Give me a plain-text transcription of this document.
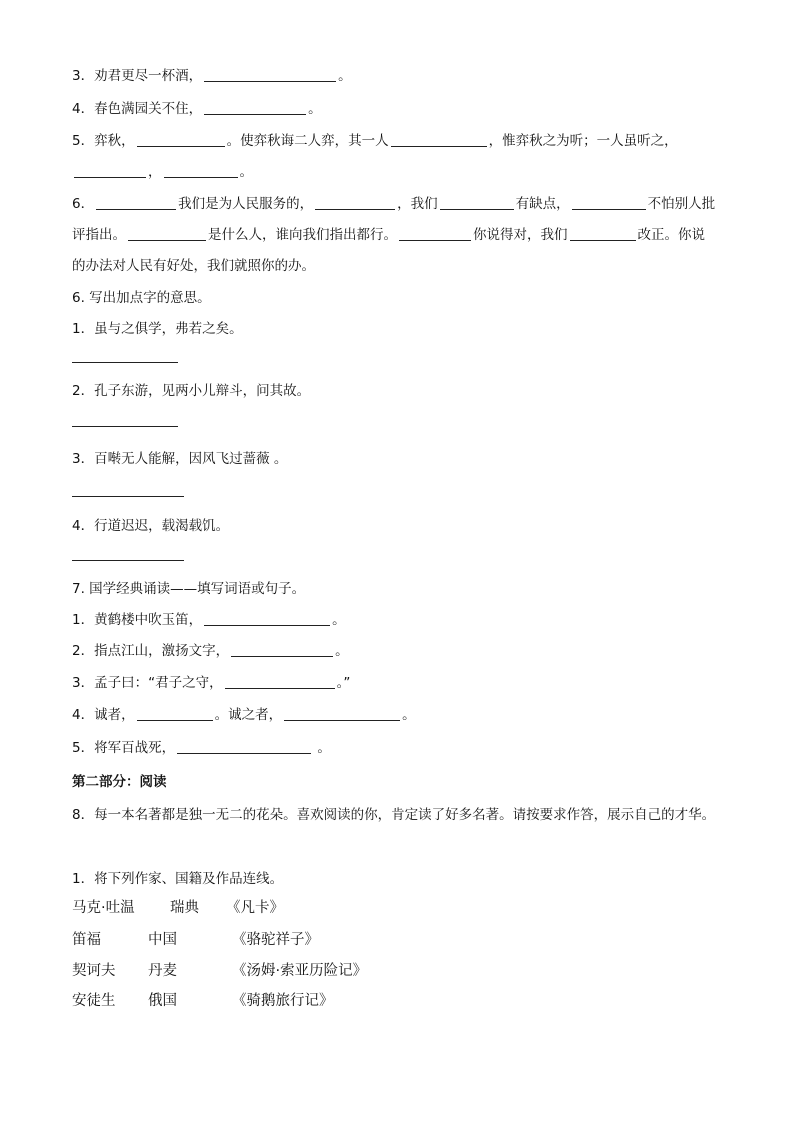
3．劝君更尽一杯酒，	。
4．春色满园关不住，	。
5．弈秋，	。使弈秋诲二人弈，其一人	，惟弈秋之为听；一人虽听之，
，	。
6．	我们是为人民服务的，	，我们	有缺点，	不怕别人批
评指出。	是什么人，谁向我们指出都行。	你说得对，我们	改正。你说
的办法对人民有好处，我们就照你的办。
6. 写出加点字的意思。
1．虽与之俱学，弗若之矣。
2．孔子东游，见两小儿辩斗，问其故。
3．百啭无人能解，因风飞过蔷薇 。
4．行道迟迟，载渴载饥。
7. 国学经典诵读——填写词语或句子。
1．黄鹤楼中吹玉笛，	。
2．指点江山，激扬文字，	。
3．孟子曰：“君子之守，	。”
4．诚者，	。诚之者，	。
5．将军百战死，	。
第二部分：阅读
8．每一本名著都是独一无二的花朵。喜欢阅读的你，肯定读了好多名著。请按要求作答，展示自己的才华。
1．将下列作家、国籍及作品连线。
马克·吐温 瑞典 《凡卡》
笛福	中国	《骆驼祥子》
契诃夫 丹麦	《汤姆·索亚历险记》
安徒生 俄国	《骑鹅旅行记》
